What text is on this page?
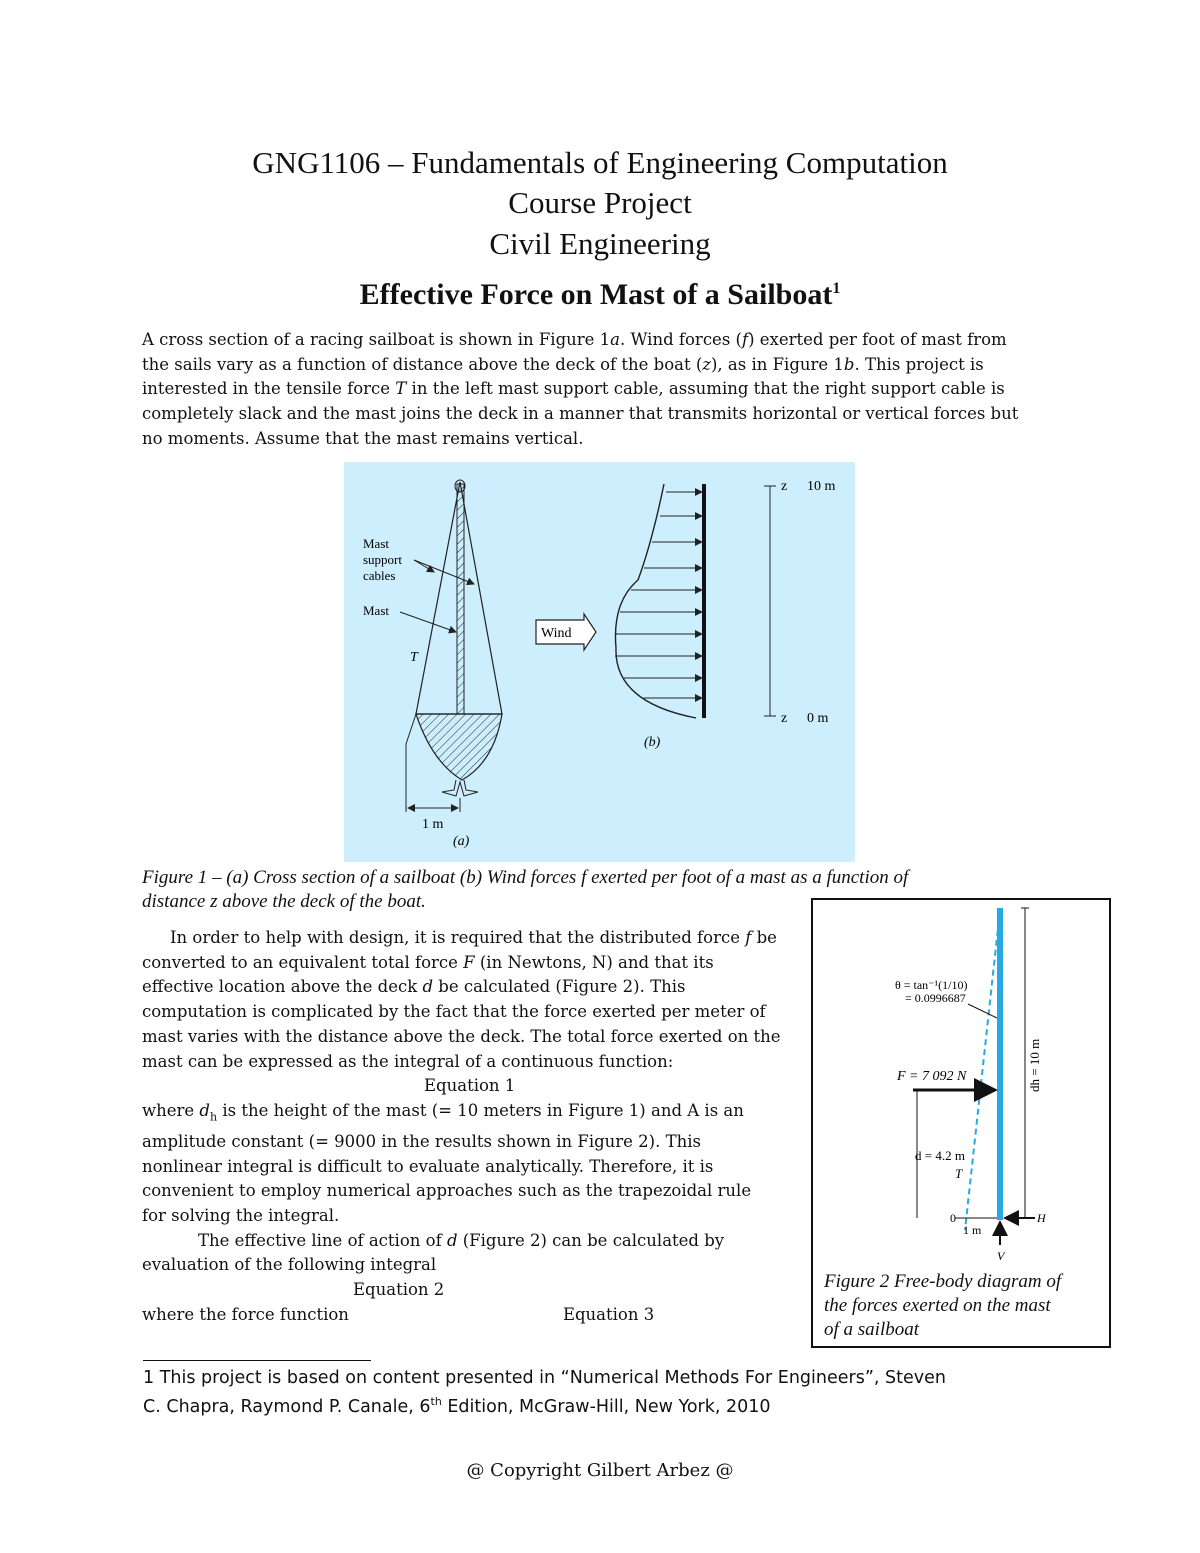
GNG1106 – Fundamentals of Engineering Computation
Course Project
Civil Engineering
Effective Force on Mast of a Sailboat$^1$
A cross section of a racing sailboat is shown in Figure 1a. Wind forces (f) exerted per foot of mast from
the sails vary as a function of distance above the deck of the boat (z), as in Figure 1b. This project is
interested in the tensile force T in the left mast support cable, assuming that the right support cable is
completely slack and the mast joins the deck in a manner that transmits horizontal or vertical forces but
no moments. Assume that the mast remains vertical.
Mast
support
cables
Mast
T
1 m
(a)
Wind
z 10 m
z 0 m
(b)
Figure 1 – (a) Cross section of a sailboat (b) Wind forces f exerted per foot of a mast as a function of
distance z above the deck of the boat.
In order to help with design, it is required that the distributed force f be
converted to an equivalent total force F (in Newtons, N) and that its
effective location above the deck d be calculated (Figure 2). This
computation is complicated by the fact that the force exerted per meter of
mast varies with the distance above the deck. The total force exerted on the
mast can be expressed as the integral of a continuous function:
Equation 1
where $d_h$ is the height of the mast (= 10 meters in Figure 1) and A is an
amplitude constant (= 9000 in the results shown in Figure 2). This
nonlinear integral is difficult to evaluate analytically. Therefore, it is
convenient to employ numerical approaches such as the trapezoidal rule
for solving the integral.
The effective line of action of d (Figure 2) can be calculated by
evaluation of the following integral
Equation 2
where the force function	Equation 3
θ = tan⁻¹(1/10)
= 0.0996687
F = 7 092 N
d = 4.2 m
T
0
1 m
H
V
dh = 10 m
Figure 2 Free-body diagram of
the forces exerted on the mast
of a sailboat
1 This project is based on content presented in “Numerical Methods For Engineers”, Steven
C. Chapra, Raymond P. Canale, 6th Edition, McGraw-Hill, New York, 2010
@ Copyright Gilbert Arbez @
